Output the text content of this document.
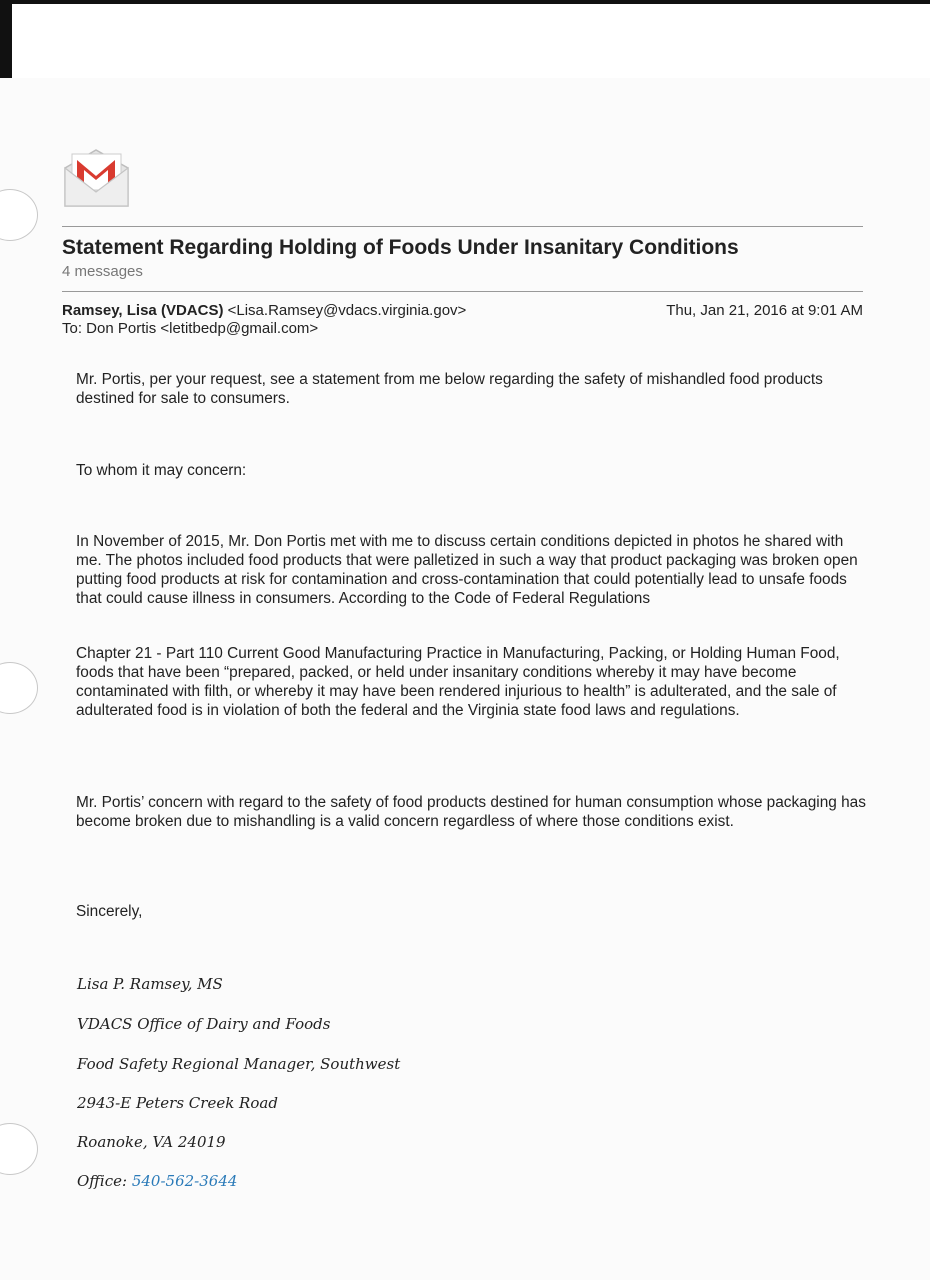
Statement Regarding Holding of Foods Under Insanitary Conditions
4 messages
Ramsey, Lisa (VDACS) <Lisa.Ramsey@vdacs.virginia.gov>
To: Don Portis <letitbedp@gmail.com>
Thu, Jan 21, 2016 at 9:01 AM

Mr. Portis, per your request, see a statement from me below regarding the safety of mishandled food products destined for sale to consumers.

To whom it may concern:

In November of 2015, Mr. Don Portis met with me to discuss certain conditions depicted in photos he shared with me. The photos included food products that were palletized in such a way that product packaging was broken open putting food products at risk for contamination and cross-contamination that could potentially lead to unsafe foods that could cause illness in consumers. According to the Code of Federal Regulations

Chapter 21 - Part 110 Current Good Manufacturing Practice in Manufacturing, Packing, or Holding Human Food, foods that have been “prepared, packed, or held under insanitary conditions whereby it may have become contaminated with filth, or whereby it may have been rendered injurious to health” is adulterated, and the sale of adulterated food is in violation of both the federal and the Virginia state food laws and regulations.

Mr. Portis’ concern with regard to the safety of food products destined for human consumption whose packaging has become broken due to mishandling is a valid concern regardless of where those conditions exist.

Sincerely,

Lisa P. Ramsey, MS
VDACS Office of Dairy and Foods
Food Safety Regional Manager, Southwest
2943-E Peters Creek Road
Roanoke, VA 24019
Office: 540-562-3644
